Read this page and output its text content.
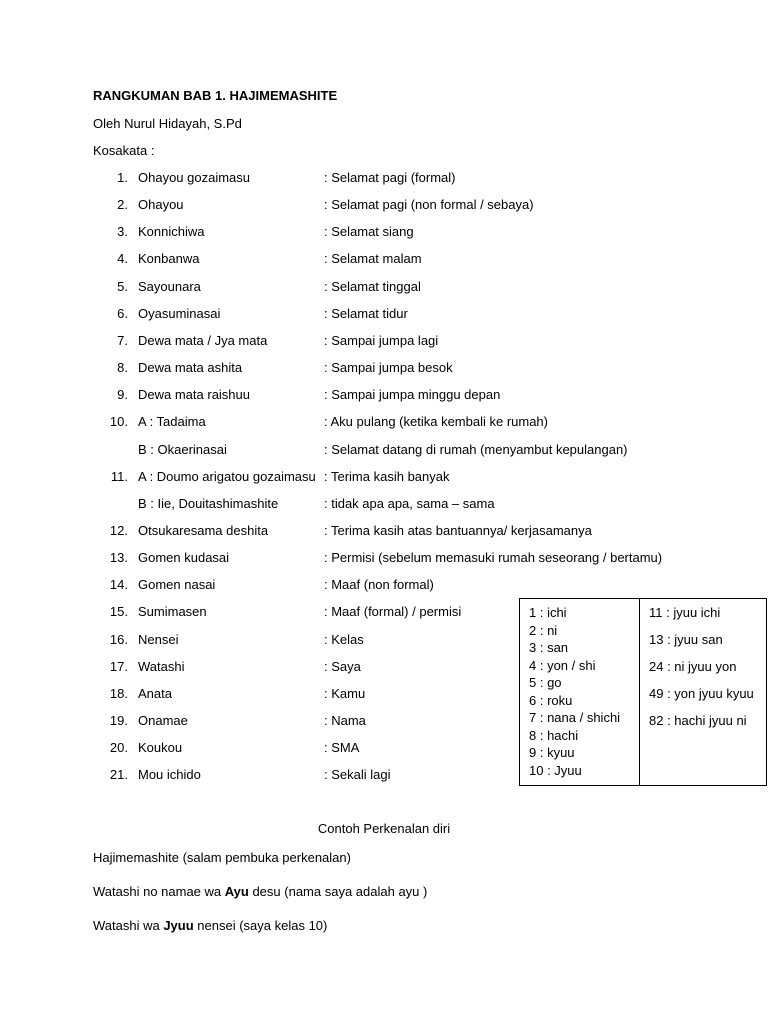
RANGKUMAN BAB 1. HAJIMEMASHITE
Oleh Nurul Hidayah, S.Pd
Kosakata :
1. Ohayou gozaimasu	: Selamat pagi (formal)
2. Ohayou	: Selamat pagi (non formal / sebaya)
3. Konnichiwa	: Selamat siang
4. Konbanwa	: Selamat malam
5. Sayounara	: Selamat tinggal
6. Oyasuminasai	: Selamat tidur
7. Dewa mata / Jya mata	: Sampai jumpa lagi
8. Dewa mata ashita	: Sampai jumpa besok
9. Dewa mata raishuu	: Sampai jumpa minggu depan
10. A : Tadaima	: Aku pulang (ketika kembali ke rumah)
B : Okaerinasai	: Selamat datang di rumah (menyambut kepulangan)
11. A : Doumo arigatou gozaimasu : Terima kasih banyak
B : Iie, Douitashimashite	: tidak apa apa, sama – sama
12. Otsukaresama deshita	: Terima kasih atas bantuannya/ kerjasamanya
13. Gomen kudasai	: Permisi (sebelum memasuki rumah seseorang / bertamu)
14. Gomen nasai	: Maaf (non formal)
15. Sumimasen	: Maaf (formal) / permisi
16. Nensei	: Kelas
17. Watashi	: Saya
18. Anata	: Kamu
19. Onamae	: Nama
20. Koukou	: SMA
21. Mou ichido	: Sekali lagi
1 : ichi
2 : ni
3 : san
4 : yon / shi
5 : go
6 : roku
7 : nana / shichi
8 : hachi
9 : kyuu
10 : Jyuu
11 : jyuu ichi
13 : jyuu san
24 : ni jyuu yon
49 : yon jyuu kyuu
82 : hachi jyuu ni
Contoh Perkenalan diri
Hajimemashite (salam pembuka perkenalan)
Watashi no namae wa Ayu desu (nama saya adalah ayu )
Watashi wa Jyuu nensei (saya kelas 10)
